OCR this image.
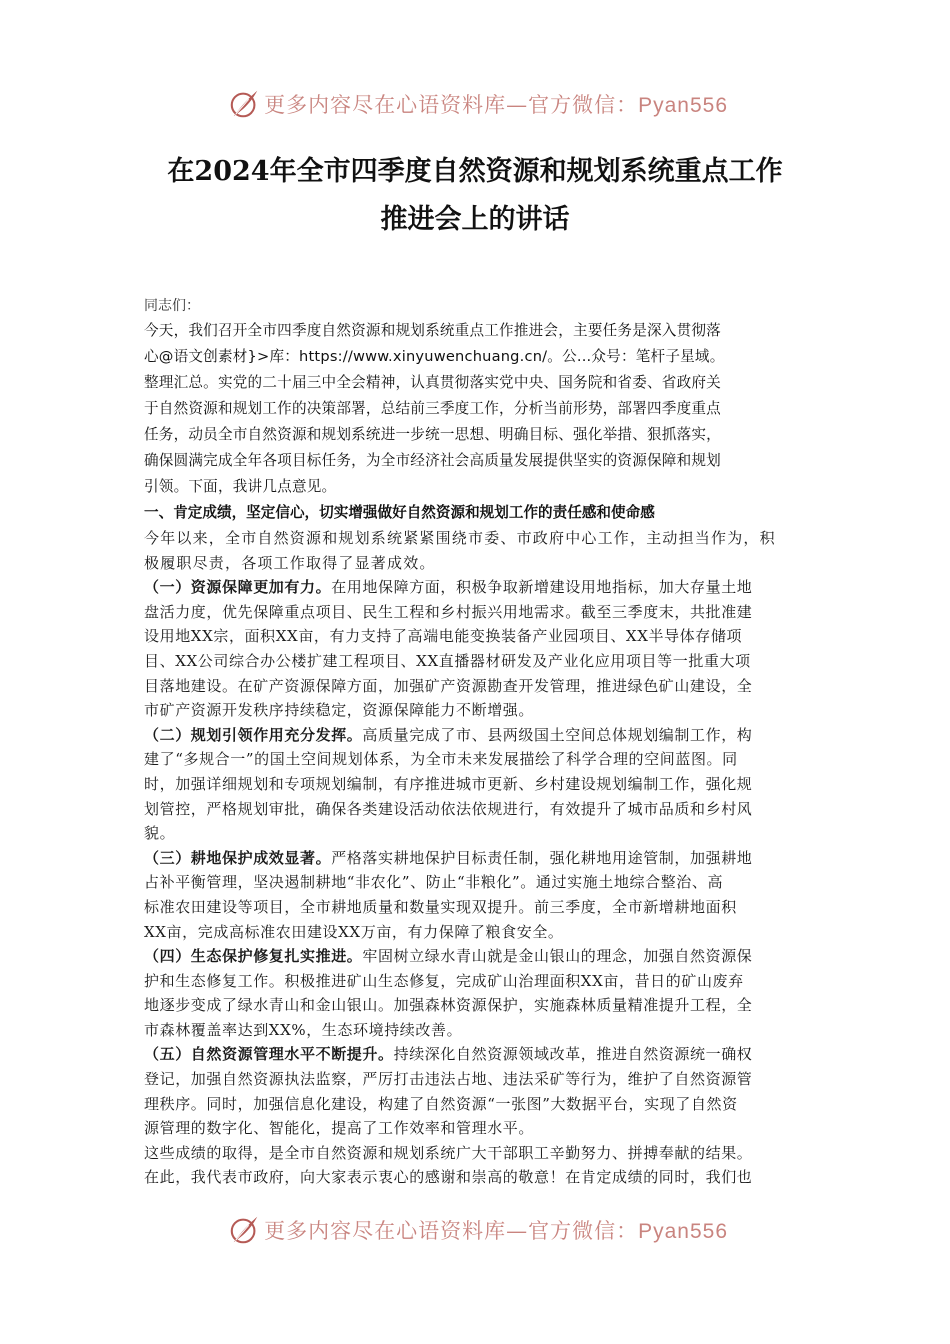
更多内容尽在心语资料库—官方微信：Pyan556
在2024年全市四季度自然资源和规划系统重点工作
推进会上的讲话
同志们：
今天，我们召开全市四季度自然资源和规划系统重点工作推进会，主要任务是深入贯彻落
心@语文创素材}>库：https://www.xinyuwenchuang.cn/。公...众号：笔杆子星域。
整理汇总。实党的二十届三中全会精神，认真贯彻落实党中央、国务院和省委、省政府关
于自然资源和规划工作的决策部署，总结前三季度工作，分析当前形势，部署四季度重点
任务，动员全市自然资源和规划系统进一步统一思想、明确目标、强化举措、狠抓落实，
确保圆满完成全年各项目标任务，为全市经济社会高质量发展提供坚实的资源保障和规划
引领。下面，我讲几点意见。
一、肯定成绩，坚定信心，切实增强做好自然资源和规划工作的责任感和使命感
今年以来，全市自然资源和规划系统紧紧围绕市委、市政府中心工作，主动担当作为，积
极履职尽责，各项工作取得了显著成效。
（一）资源保障更加有力。在用地保障方面，积极争取新增建设用地指标，加大存量土地
盘活力度，优先保障重点项目、民生工程和乡村振兴用地需求。截至三季度末，共批准建
设用地XX宗，面积XX亩，有力支持了高端电能变换装备产业园项目、XX半导体存储项
目、XX公司综合办公楼扩建工程项目、XX直播器材研发及产业化应用项目等一批重大项
目落地建设。在矿产资源保障方面，加强矿产资源勘查开发管理，推进绿色矿山建设，全
市矿产资源开发秩序持续稳定，资源保障能力不断增强。
（二）规划引领作用充分发挥。高质量完成了市、县两级国土空间总体规划编制工作，构
建了“多规合一”的国土空间规划体系，为全市未来发展描绘了科学合理的空间蓝图。同
时，加强详细规划和专项规划编制，有序推进城市更新、乡村建设规划编制工作，强化规
划管控，严格规划审批，确保各类建设活动依法依规进行，有效提升了城市品质和乡村风
貌。
（三）耕地保护成效显著。严格落实耕地保护目标责任制，强化耕地用途管制，加强耕地
占补平衡管理，坚决遏制耕地“非农化”、防止“非粮化”。通过实施土地综合整治、高
标准农田建设等项目，全市耕地质量和数量实现双提升。前三季度，全市新增耕地面积
XX亩，完成高标准农田建设XX万亩，有力保障了粮食安全。
（四）生态保护修复扎实推进。牢固树立绿水青山就是金山银山的理念，加强自然资源保
护和生态修复工作。积极推进矿山生态修复，完成矿山治理面积XX亩，昔日的矿山废弃
地逐步变成了绿水青山和金山银山。加强森林资源保护，实施森林质量精准提升工程，全
市森林覆盖率达到XX%，生态环境持续改善。
（五）自然资源管理水平不断提升。持续深化自然资源领域改革，推进自然资源统一确权
登记，加强自然资源执法监察，严厉打击违法占地、违法采矿等行为，维护了自然资源管
理秩序。同时，加强信息化建设，构建了自然资源“一张图”大数据平台，实现了自然资
源管理的数字化、智能化，提高了工作效率和管理水平。
这些成绩的取得，是全市自然资源和规划系统广大干部职工辛勤努力、拼搏奉献的结果。
在此，我代表市政府，向大家表示衷心的感谢和崇高的敬意！在肯定成绩的同时，我们也
更多内容尽在心语资料库—官方微信：Pyan556
